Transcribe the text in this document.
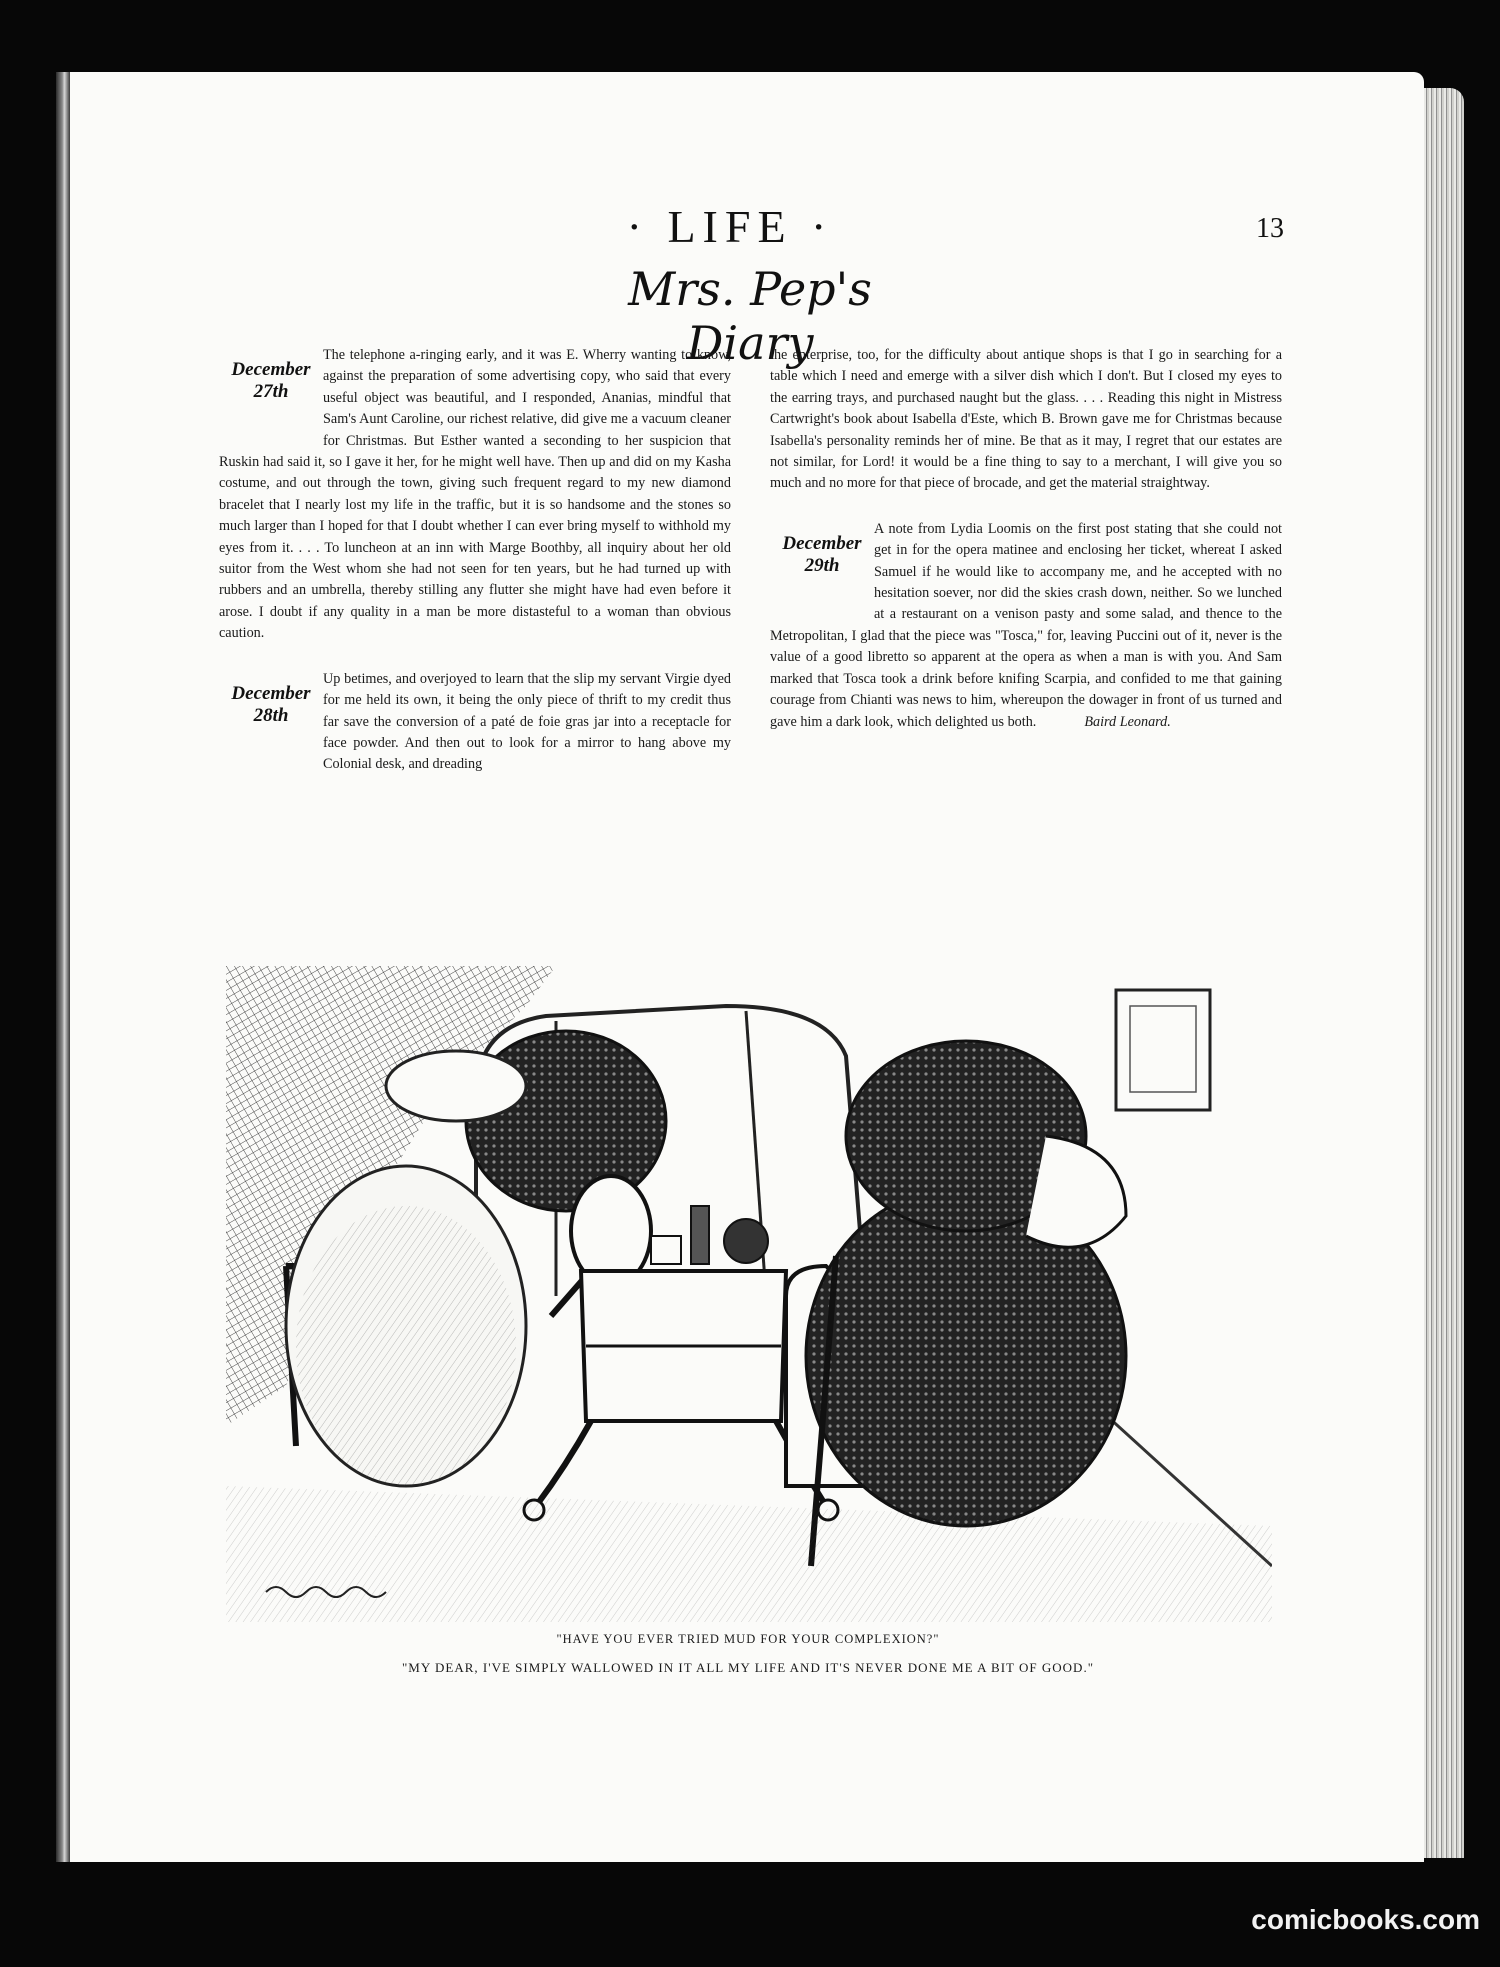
· LIFE ·	13
Mrs. Pep's Diary
December
27th

The telephone a-ringing early, and it was E. Wherry wanting to know, against the preparation of some advertising copy, who said that every useful object was beautiful, and I responded, Ananias, mindful that Sam's Aunt Caroline, our richest relative, did give me a vacuum cleaner for Christmas. But Esther wanted a seconding to her suspicion that Ruskin had said it, so I gave it her, for he might well have. Then up and did on my Kasha costume, and out through the town, giving such frequent regard to my new diamond bracelet that I nearly lost my life in the traffic, but it is so handsome and the stones so much larger than I hoped for that I doubt whether I can ever bring myself to withhold my eyes from it. . . . To luncheon at an inn with Marge Boothby, all inquiry about her old suitor from the West whom she had not seen for ten years, but he had turned up with rubbers and an umbrella, thereby stilling any flutter she might have had even before it arose. I doubt if any quality in a man be more distasteful to a woman than obvious caution.

December
28th

Up betimes, and overjoyed to learn that the slip my servant Virgie dyed for me held its own, it being the only piece of thrift to my credit thus far save the conversion of a paté de foie gras jar into a receptacle for face powder. And then out to look for a mirror to hang above my Colonial desk, and dreading

the enterprise, too, for the difficulty about antique shops is that I go in searching for a table which I need and emerge with a silver dish which I don't. But I closed my eyes to the earring trays, and purchased naught but the glass. . . . Reading this night in Mistress Cartwright's book about Isabella d'Este, which B. Brown gave me for Christmas because Isabella's personality reminds her of mine. Be that as it may, I regret that our estates are not similar, for Lord! it would be a fine thing to say to a merchant, I will give you so much and no more for that piece of brocade, and get the material straightway.

December
29th

A note from Lydia Loomis on the first post stating that she could not get in for the opera matinee and enclosing her ticket, whereat I asked Samuel if he would like to accompany me, and he accepted with no hesitation soever, nor did the skies crash down, neither. So we lunched at a restaurant on a venison pasty and some salad, and thence to the Metropolitan, I glad that the piece was "Tosca," for, leaving Puccini out of it, never is the value of a good libretto so apparent at the opera as when a man is with you. And Sam marked that Tosca took a drink before knifing Scarpia, and confided to me that gaining courage from Chianti was news to him, whereupon the dowager in front of us turned and gave him a dark look, which delighted us both.	Baird Leonard.

"HAVE YOU EVER TRIED MUD FOR YOUR COMPLEXION?"
"MY DEAR, I'VE SIMPLY WALLOWED IN IT ALL MY LIFE AND IT'S NEVER DONE ME A BIT OF GOOD."
comicbooks.com
